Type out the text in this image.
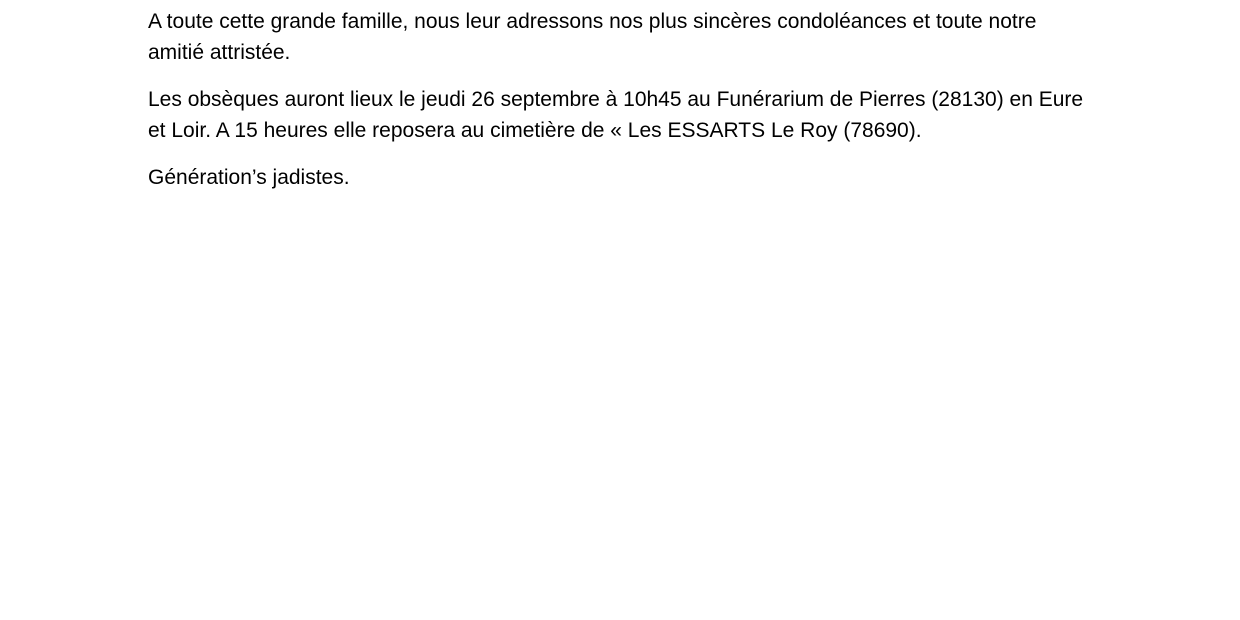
A toute cette grande famille, nous leur adressons nos plus sincères condoléances et toute notre
amitié attristée.

Les obsèques auront lieux le jeudi 26 septembre à 10h45 au Funérarium de Pierres (28130) en Eure
et Loir. A 15 heures elle reposera au cimetière de « Les ESSARTS Le Roy (78690).

Génération’s jadistes.
